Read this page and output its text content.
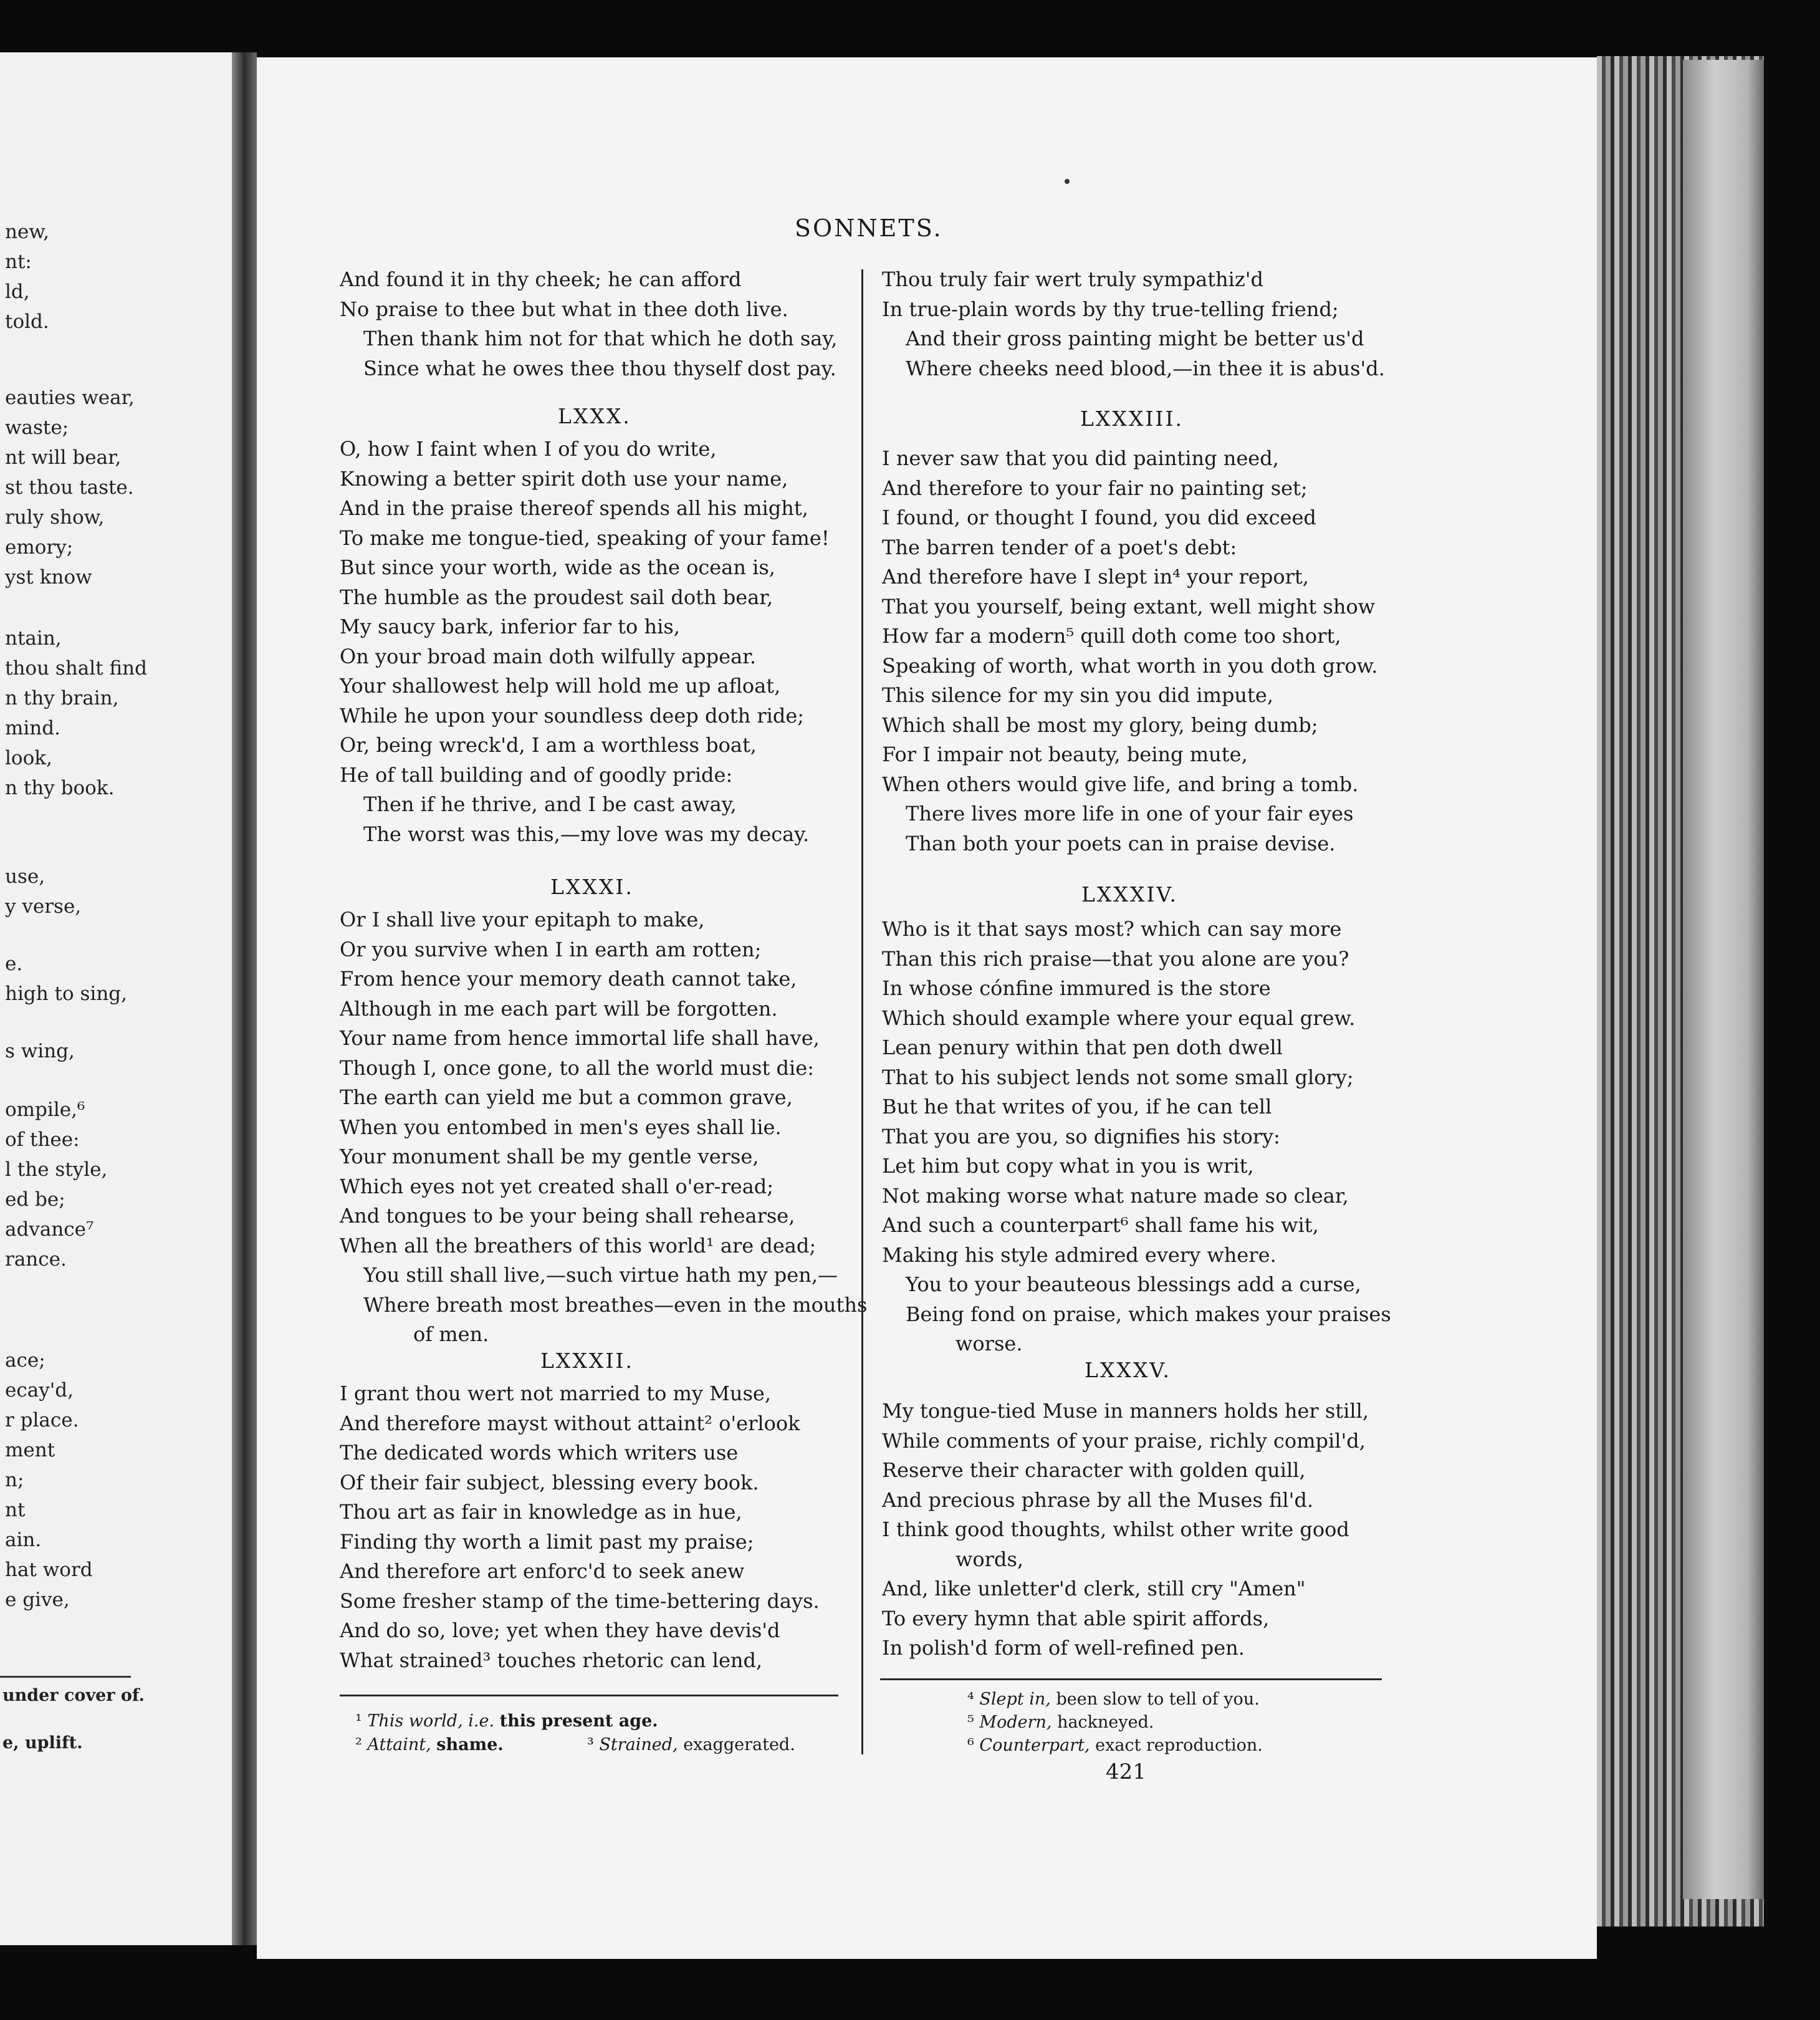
new,
nt:
ld,
told.
eauties wear,
waste;
nt will bear,
st thou taste.
ruly show,
emory;
yst know
ntain,
thou shalt find
n thy brain,
mind.
look,
n thy book.
use,
y verse,
e.
high to sing,
s wing,
ompile,⁶
of thee:
l the style,
ed be;
advance⁷
rance.
ace;
ecay'd,
r place.
ment
n;
nt
ain.
hat word
e give,
under cover of.
e, uplift.
SONNETS.
And found it in thy cheek; he can afford
No praise to thee but what in thee doth live.
Then thank him not for that which he doth say,
Since what he owes thee thou thyself dost pay.
LXXX.
O, how I faint when I of you do write,
Knowing a better spirit doth use your name,
And in the praise thereof spends all his might,
To make me tongue-tied, speaking of your fame!
But since your worth, wide as the ocean is,
The humble as the proudest sail doth bear,
My saucy bark, inferior far to his,
On your broad main doth wilfully appear.
Your shallowest help will hold me up afloat,
While he upon your soundless deep doth ride;
Or, being wreck'd, I am a worthless boat,
He of tall building and of goodly pride:
Then if he thrive, and I be cast away,
The worst was this,—my love was my decay.
LXXXI.
Or I shall live your epitaph to make,
Or you survive when I in earth am rotten;
From hence your memory death cannot take,
Although in me each part will be forgotten.
Your name from hence immortal life shall have,
Though I, once gone, to all the world must die:
The earth can yield me but a common grave,
When you entombed in men's eyes shall lie.
Your monument shall be my gentle verse,
Which eyes not yet created shall o'er-read;
And tongues to be your being shall rehearse,
When all the breathers of this world¹ are dead;
You still shall live,—such virtue hath my pen,—
Where breath most breathes—even in the mouths
of men.
LXXXII.
I grant thou wert not married to my Muse,
And therefore mayst without attaint² o'erlook
The dedicated words which writers use
Of their fair subject, blessing every book.
Thou art as fair in knowledge as in hue,
Finding thy worth a limit past my praise;
And therefore art enforc'd to seek anew
Some fresher stamp of the time-bettering days.
And do so, love; yet when they have devis'd
What strained³ touches rhetoric can lend,
Thou truly fair wert truly sympathiz'd
In true-plain words by thy true-telling friend;
And their gross painting might be better us'd
Where cheeks need blood,—in thee it is abus'd.
LXXXIII.
I never saw that you did painting need,
And therefore to your fair no painting set;
I found, or thought I found, you did exceed
The barren tender of a poet's debt:
And therefore have I slept in⁴ your report,
That you yourself, being extant, well might show
How far a modern⁵ quill doth come too short,
Speaking of worth, what worth in you doth grow.
This silence for my sin you did impute,
Which shall be most my glory, being dumb;
For I impair not beauty, being mute,
When others would give life, and bring a tomb.
There lives more life in one of your fair eyes
Than both your poets can in praise devise.
LXXXIV.
Who is it that says most? which can say more
Than this rich praise—that you alone are you?
In whose cónfine immured is the store
Which should example where your equal grew.
Lean penury within that pen doth dwell
That to his subject lends not some small glory;
But he that writes of you, if he can tell
That you are you, so dignifies his story:
Let him but copy what in you is writ,
Not making worse what nature made so clear,
And such a counterpart⁶ shall fame his wit,
Making his style admired every where.
You to your beauteous blessings add a curse,
Being fond on praise, which makes your praises
worse.
LXXXV.
My tongue-tied Muse in manners holds her still,
While comments of your praise, richly compil'd,
Reserve their character with golden quill,
And precious phrase by all the Muses fil'd.
I think good thoughts, whilst other write good
words,
And, like unletter'd clerk, still cry "Amen"
To every hymn that able spirit affords,
In polish'd form of well-refined pen.
¹ This world, i.e. this present age.
² Attaint, shame.	³ Strained, exaggerated.
⁴ Slept in, been slow to tell of you.
⁵ Modern, hackneyed.
⁶ Counterpart, exact reproduction.
421
